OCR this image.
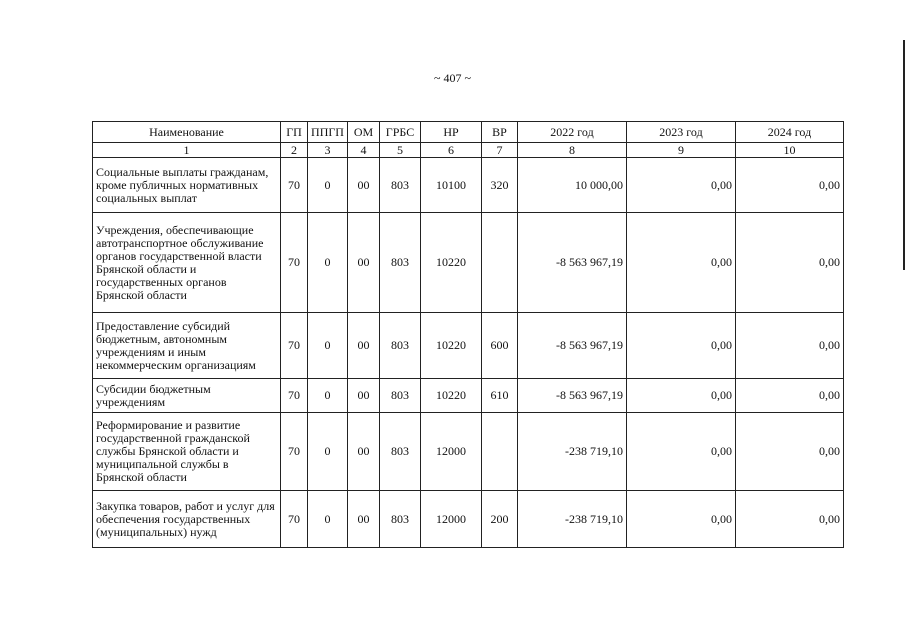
~ 407 ~
Наименование	ГП	ППГП	ОМ	ГРБС	НР	ВР	2022 год	2023 год	2024 год
1	2	3	4	5	6	7	8	9	10
Социальные выплаты гражданам, кроме публичных нормативных социальных выплат	70	0	00	803	10100	320	10 000,00	0,00	0,00
Учреждения, обеспечивающие автотранспортное обслуживание органов государственной власти Брянской области и государственных органов Брянской области	70	0	00	803	10220		-8 563 967,19	0,00	0,00
Предоставление субсидий бюджетным, автономным учреждениям и иным некоммерческим организациям	70	0	00	803	10220	600	-8 563 967,19	0,00	0,00
Субсидии бюджетным учреждениям	70	0	00	803	10220	610	-8 563 967,19	0,00	0,00
Реформирование и развитие государственной гражданской службы Брянской области и муниципальной службы в Брянской области	70	0	00	803	12000		-238 719,10	0,00	0,00
Закупка товаров, работ и услуг для обеспечения государственных (муниципальных) нужд	70	0	00	803	12000	200	-238 719,10	0,00	0,00
